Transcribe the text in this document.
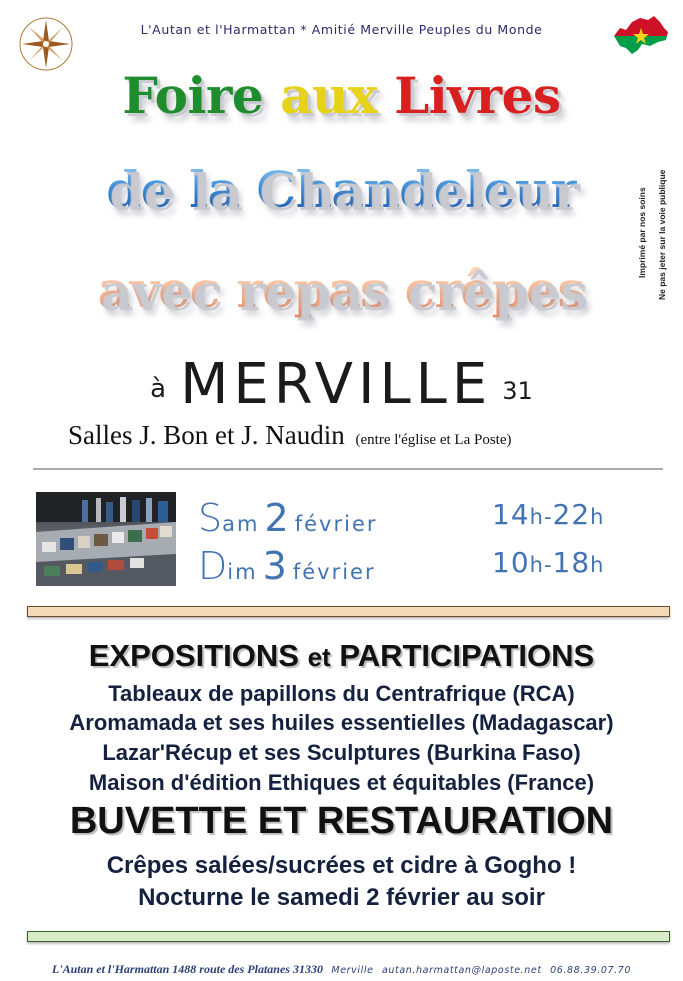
L'Autan et l'Harmattan * Amitié Merville Peuples du Monde
Imprimé par nos soins Ne pas jeter sur la voie publique
Foire aux Livres
de la Chandeleur
avec repas crêpes
à MERVILLE 31
Salles J. Bon et J. Naudin (entre l'église et La Poste)
Sam 2 février	14h-22h
Dim 3 février	10h-18h
EXPOSITIONS et PARTICIPATIONS
Tableaux de papillons du Centrafrique (RCA)
Aromamada et ses huiles essentielles (Madagascar)
Lazar'Récup et ses Sculptures (Burkina Faso)
Maison d'édition Ethiques et équitables (France)
BUVETTE ET RESTAURATION
Crêpes salées/sucrées et cidre à Gogho !
Nocturne le samedi 2 février au soir
L'Autan et l'Harmattan 1488 route des Platanes 31330 Merville autan.harmattan@laposte.net 06.88.39.07.70
